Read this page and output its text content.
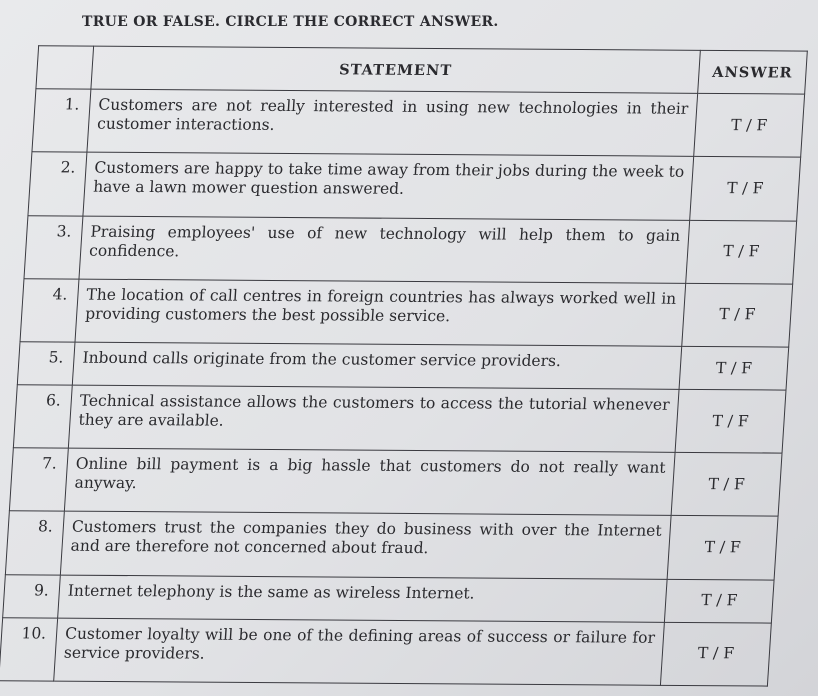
TRUE OR FALSE. CIRCLE THE CORRECT ANSWER.
	STATEMENT	ANSWER
1.	Customers are not really interested in using new technologies in their customer interactions.	T / F
2.	Customers are happy to take time away from their jobs during the week to have a lawn mower question answered.	T / F
3.	Praising employees' use of new technology will help them to gain confidence.	T / F
4.	The location of call centres in foreign countries has always worked well in providing customers the best possible service.	T / F
5.	Inbound calls originate from the customer service providers.	T / F
6.	Technical assistance allows the customers to access the tutorial whenever they are available.	T / F
7.	Online bill payment is a big hassle that customers do not really want anyway.	T / F
8.	Customers trust the companies they do business with over the Internet and are therefore not concerned about fraud.	T / F
9.	Internet telephony is the same as wireless Internet.	T / F
10.	Customer loyalty will be one of the defining areas of success or failure for service providers.	T / F
